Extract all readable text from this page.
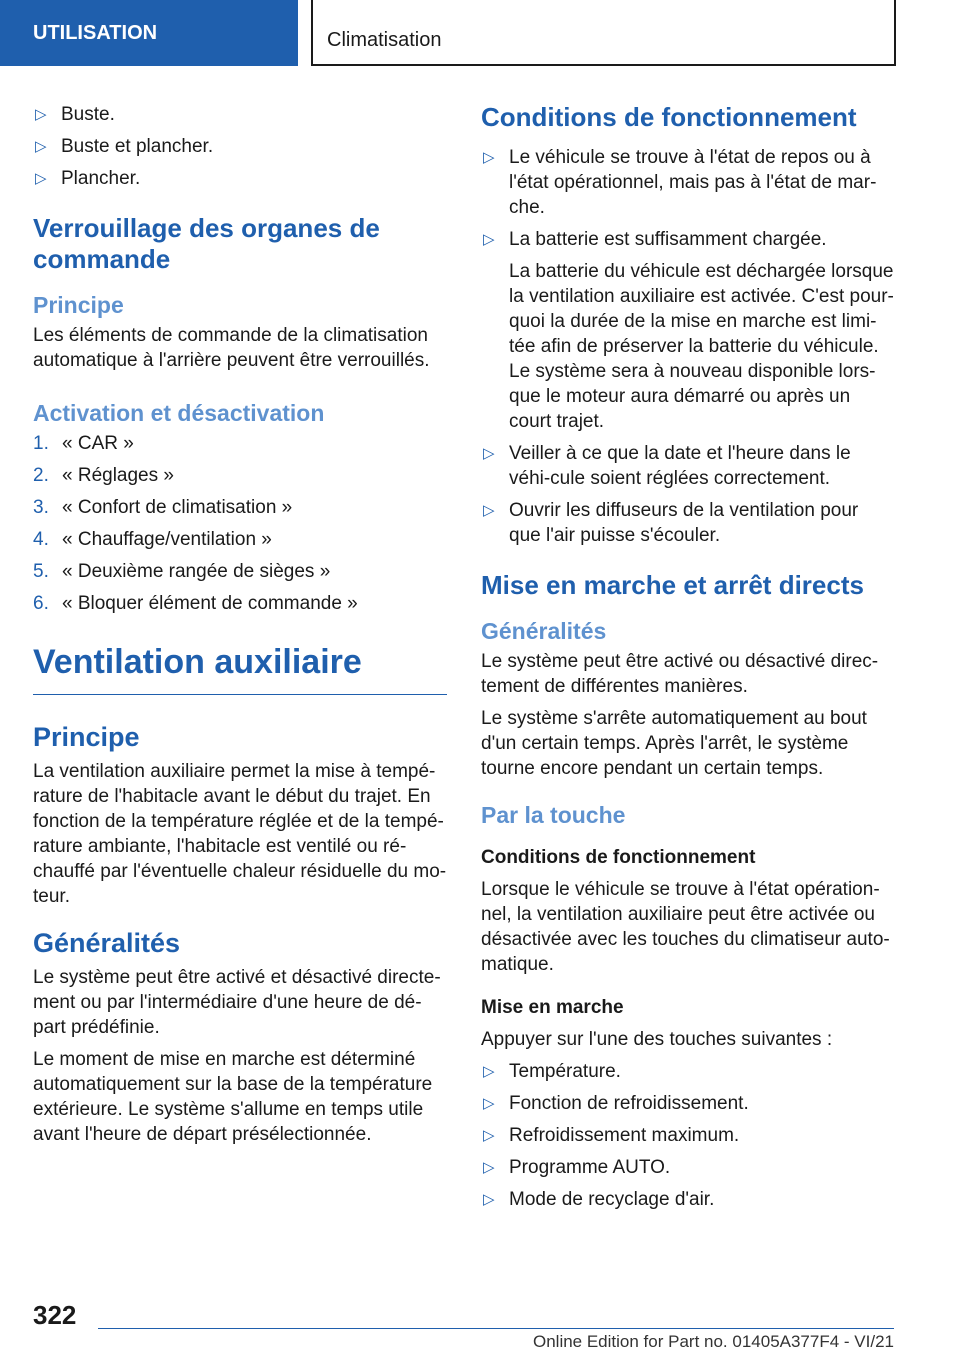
UTILISATION	Climatisation
▷ Buste.
▷ Buste et plancher.
▷ Plancher.
Verrouillage des organes de commande
Principe

Les éléments de commande de la climatisation automatique à l'arrière peuvent être verrouillés.

Activation et désactivation
1. « CAR »
2. « Réglages »
3. « Confort de climatisation »
4. « Chauffage/ventilation »
5. « Deuxième rangée de sièges »
6. « Bloquer élément de commande »
Ventilation auxiliaire
Principe

La ventilation auxiliaire permet la mise à tempé-rature de l'habitacle avant le début du trajet. En fonction de la température réglée et de la tempé-rature ambiante, l'habitacle est ventilé ou ré-chauffé par l'éventuelle chaleur résiduelle du mo-teur.

Généralités

Le système peut être activé et désactivé directe-ment ou par l'intermédiaire d'une heure de dé-part prédéfinie.

Le moment de mise en marche est déterminé automatiquement sur la base de la température extérieure. Le système s'allume en temps utile avant l'heure de départ présélectionnée.

Conditions de fonctionnement
▷ Le véhicule se trouve à l'état de repos ou à l'état opérationnel, mais pas à l'état de mar-che.
▷ La batterie est suffisamment chargée.

La batterie du véhicule est déchargée lorsque la ventilation auxiliaire est activée. C'est pour-quoi la durée de la mise en marche est limi-tée afin de préserver la batterie du véhicule. Le système sera à nouveau disponible lors-que le moteur aura démarré ou après un court trajet.

▷ Veiller à ce que la date et l'heure dans le véhi-cule soient réglées correctement.
▷ Ouvrir les diffuseurs de la ventilation pour que l'air puisse s'écouler.
Mise en marche et arrêt directs
Généralités

Le système peut être activé ou désactivé direc-tement de différentes manières.

Le système s'arrête automatiquement au bout d'un certain temps. Après l'arrêt, le système tourne encore pendant un certain temps.

Par la touche
Conditions de fonctionnement

Lorsque le véhicule se trouve à l'état opération-nel, la ventilation auxiliaire peut être activée ou désactivée avec les touches du climatiseur auto-matique.

Mise en marche

Appuyer sur l'une des touches suivantes :

▷ Température.
▷ Fonction de refroidissement.
▷ Refroidissement maximum.
▷ Programme AUTO.
▷ Mode de recyclage d'air.
322
Online Edition for Part no. 01405A377F4 - VI/21
